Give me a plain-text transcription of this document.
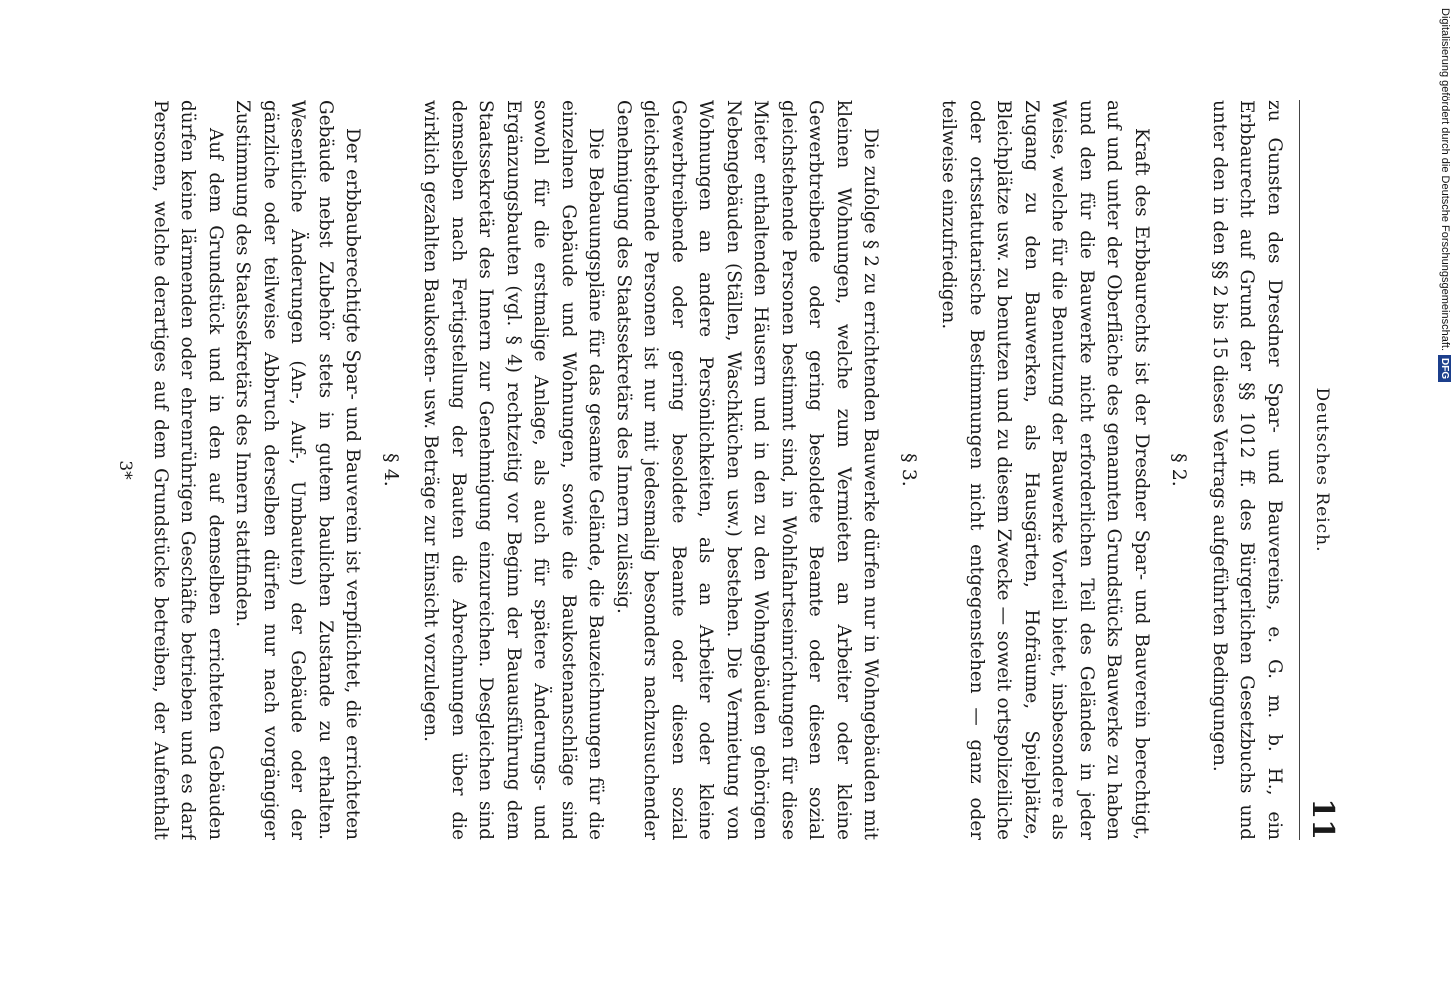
Deutsches Reich.
11

zu Gunsten des Dresdner Spar- und Bauvereins, e. G. m. b. H., ein Erbbaurecht auf Grund der §§ 1012 ff. des Bürgerlichen Gesetzbuchs und unter den in den §§ 2 bis 15 dieses Vertrags aufgeführten Bedingungen.

§ 2.

Kraft des Erbbaurechts ist der Dresdner Spar- und Bauverein berechtigt, auf und unter der Oberfläche des genannten Grundstücks Bauwerke zu haben und den für die Bauwerke nicht erforderlichen Teil des Geländes in jeder Weise, welche für die Benutzung der Bauwerke Vorteil bietet, insbesondere als Zugang zu den Bauwerken, als Hausgärten, Hofräume, Spielplätze, Bleichplätze usw. zu benutzen und zu diesem Zwecke — soweit ortspolizeiliche oder ortsstatutarische Bestimmungen nicht entgegenstehen — ganz oder teilweise einzufriedigen.

§ 3.

Die zufolge § 2 zu errichtenden Bauwerke dürfen nur in Wohngebäuden mit kleinen Wohnungen, welche zum Vermieten an Arbeiter oder kleine Gewerbtreibende oder gering besoldete Beamte oder diesen sozial gleichstehende Personen bestimmt sind, in Wohlfahrtseinrichtungen für diese Mieter enthaltenden Häusern und in den zu den Wohngebäuden gehörigen Nebengebäuden (Ställen, Waschküchen usw.) bestehen. Die Vermietung von Wohnungen an andere Persönlichkeiten, als an Arbeiter oder kleine Gewerbtreibende oder gering besoldete Beamte oder diesen sozial gleichstehende Personen ist nur mit jedesmalig besonders nachzusuchender Genehmigung des Staatssekretärs des Innern zulässig.

Die Bebauungspläne für das gesamte Gelände, die Bauzeichnungen für die einzelnen Gebäude und Wohnungen, sowie die Baukostenanschläge sind sowohl für die erstmalige Anlage, als auch für spätere Änderungs- und Ergänzungsbauten (vgl. § 4) rechtzeitig vor Beginn der Bauausführung dem Staatssekretär des Innern zur Genehmigung einzureichen. Desgleichen sind demselben nach Fertigstellung der Bauten die Abrechnungen über die wirklich gezahlten Baukosten- usw. Beträge zur Einsicht vorzulegen.

§ 4.

Der erbbauberechtigte Spar- und Bauverein ist verpflichtet, die errichteten Gebäude nebst Zubehör stets in gutem baulichen Zustande zu erhalten. Wesentliche Änderungen (An-, Auf-, Umbauten) der Gebäude oder der gänzliche oder teilweise Abbruch derselben dürfen nur nach vorgängiger Zustimmung des Staatssekretärs des Innern stattfinden.

Auf dem Grundstück und in den auf demselben errichteten Gebäuden dürfen keine lärmenden oder ehrenrührigen Geschäfte betrieben und es darf Personen, welche derartiges auf dem Grundstücke betreiben, der Aufenthalt

3*
Digitalisierung gefördert durch die Deutsche Forschungsgemeinschaft.DFG
